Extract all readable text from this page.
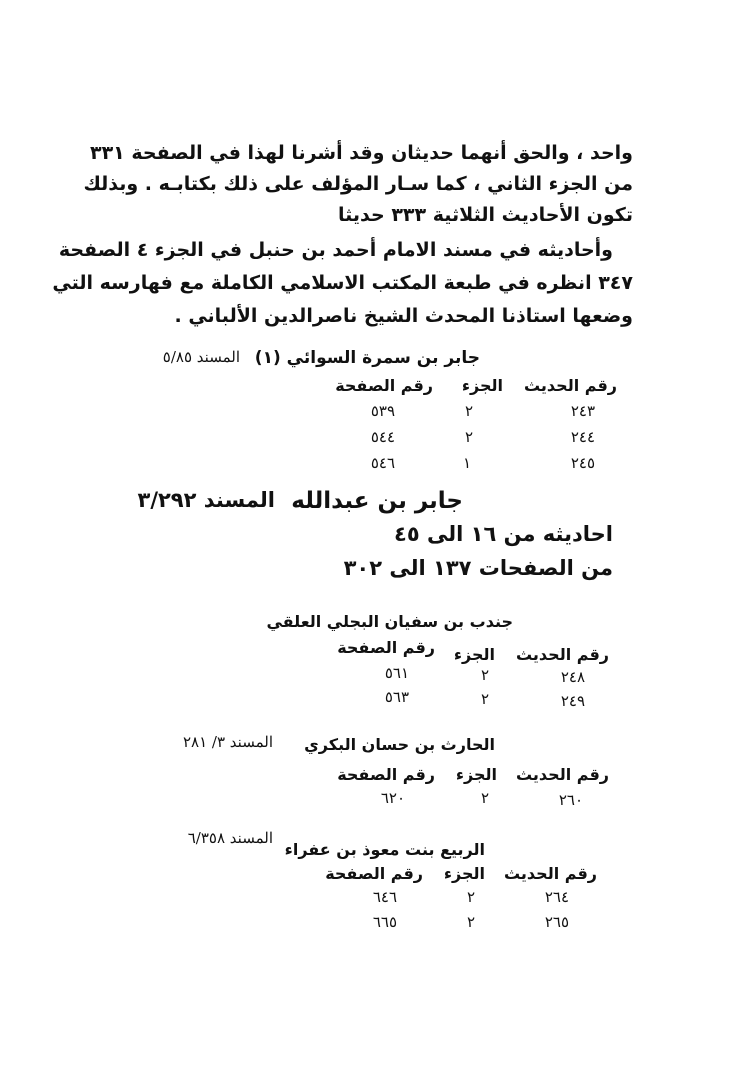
واحد ، والحق أنهما حديثان وقد أشرنا لهذا في الصفحة ٣٣١
من الجزء الثاني ، كما سـار المؤلف على ذلك بكتابـه . وبذلك
تكون الأحاديث الثلاثية ٣٣٣ حديثا
وأحاديثه في مسند الامام أحمد بن حنبل في الجزء ٤ الصفحة
٣٤٧ انظره في طبعة المكتب الاسلامي الكاملة مع فهارسه التي
وضعها استاذنا المحدث الشيخ ناصرالدين الألباني .
جابر بن سمرة السوائي (١)
المسند ٥/٨٥
رقم الحديث
الجزء
رقم الصفحة
٢٤٣
٢
٥٣٩
٢٤٤
٢
٥٤٤
٢٤٥
١
٥٤٦
جابر بن عبدالله
المسند ٣/٢٩٢
احاديثه من ١٦ الى ٤٥
من الصفحات ١٣٧ الى ٣٠٢
جندب بن سفيان البجلي العلقي
رقم الحديث
الجزء
رقم الصفحة
٢٤٨
٢
٥٦١
٢٤٩
٢
٥٦٣
الحارث بن حسان البكري
المسند ٣/ ٢٨١
رقم الحديث
الجزء
رقم الصفحة
٢٦٠
٢
٦٢٠
الربيع بنت معوذ بن عفراء
المسند ٦/٣٥٨
رقم الحديث
الجزء
رقم الصفحة
٢٦٤
٢
٦٤٦
٢٦٥
٢
٦٦٥
